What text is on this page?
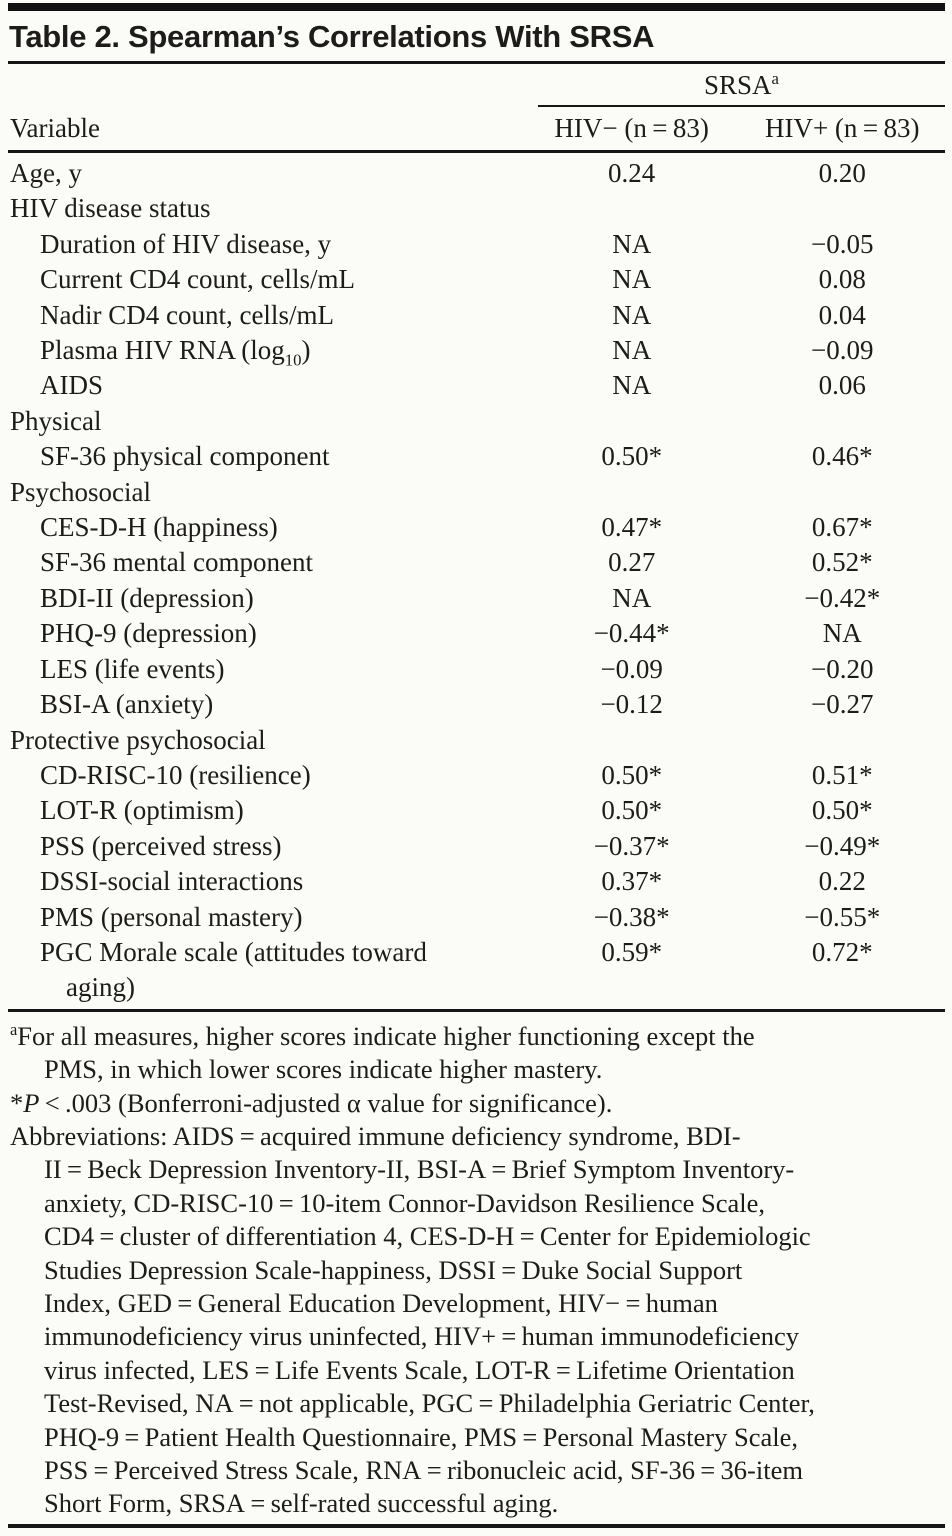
Table 2. Spearman’s Correlations With SRSA
SRSA$^a$
Variable	HIV− (n = 83)	HIV+ (n = 83)
Age, y	0.24	0.20
HIV disease status
Duration of HIV disease, y	NA	−0.05
Current CD4 count, cells/mL	NA	0.08
Nadir CD4 count, cells/mL	NA	0.04
Plasma HIV RNA $(\log_{10})$	NA	−0.09
AIDS	NA	0.06
Physical
SF-36 physical component	0.50*	0.46*
Psychosocial
CES-D-H (happiness)	0.47*	0.67*
SF-36 mental component	0.27	0.52*
BDI-II (depression)	NA	−0.42*
PHQ-9 (depression)	−0.44*	NA
LES (life events)	−0.09	−0.20
BSI-A (anxiety)	−0.12	−0.27
Protective psychosocial
CD-RISC-10 (resilience)	0.50*	0.51*
LOT-R (optimism)	0.50*	0.50*
PSS (perceived stress)	−0.37*	−0.49*
DSSI-social interactions	0.37*	0.22
PMS (personal mastery)	−0.38*	−0.55*
PGC Morale scale (attitudes toward
aging)
0.59*	0.72*
$^a$For all measures, higher scores indicate higher functioning except the
PMS, in which lower scores indicate higher mastery.
*P < .003 (Bonferroni-adjusted α value for significance).
Abbreviations: AIDS = acquired immune deficiency syndrome, BDI-
II = Beck Depression Inventory-II, BSI-A = Brief Symptom Inventory-
anxiety, CD-RISC-10 = 10-item Connor-Davidson Resilience Scale,
CD4 = cluster of differentiation 4, CES-D-H = Center for Epidemiologic
Studies Depression Scale-happiness, DSSI = Duke Social Support
Index, GED = General Education Development, HIV− = human
immunodeficiency virus uninfected, HIV+ = human immunodeficiency
virus infected, LES = Life Events Scale, LOT-R = Lifetime Orientation
Test-Revised, NA = not applicable, PGC = Philadelphia Geriatric Center,
PHQ-9 = Patient Health Questionnaire, PMS = Personal Mastery Scale,
PSS = Perceived Stress Scale, RNA = ribonucleic acid, SF-36 = 36-item
Short Form, SRSA = self-rated successful aging.
